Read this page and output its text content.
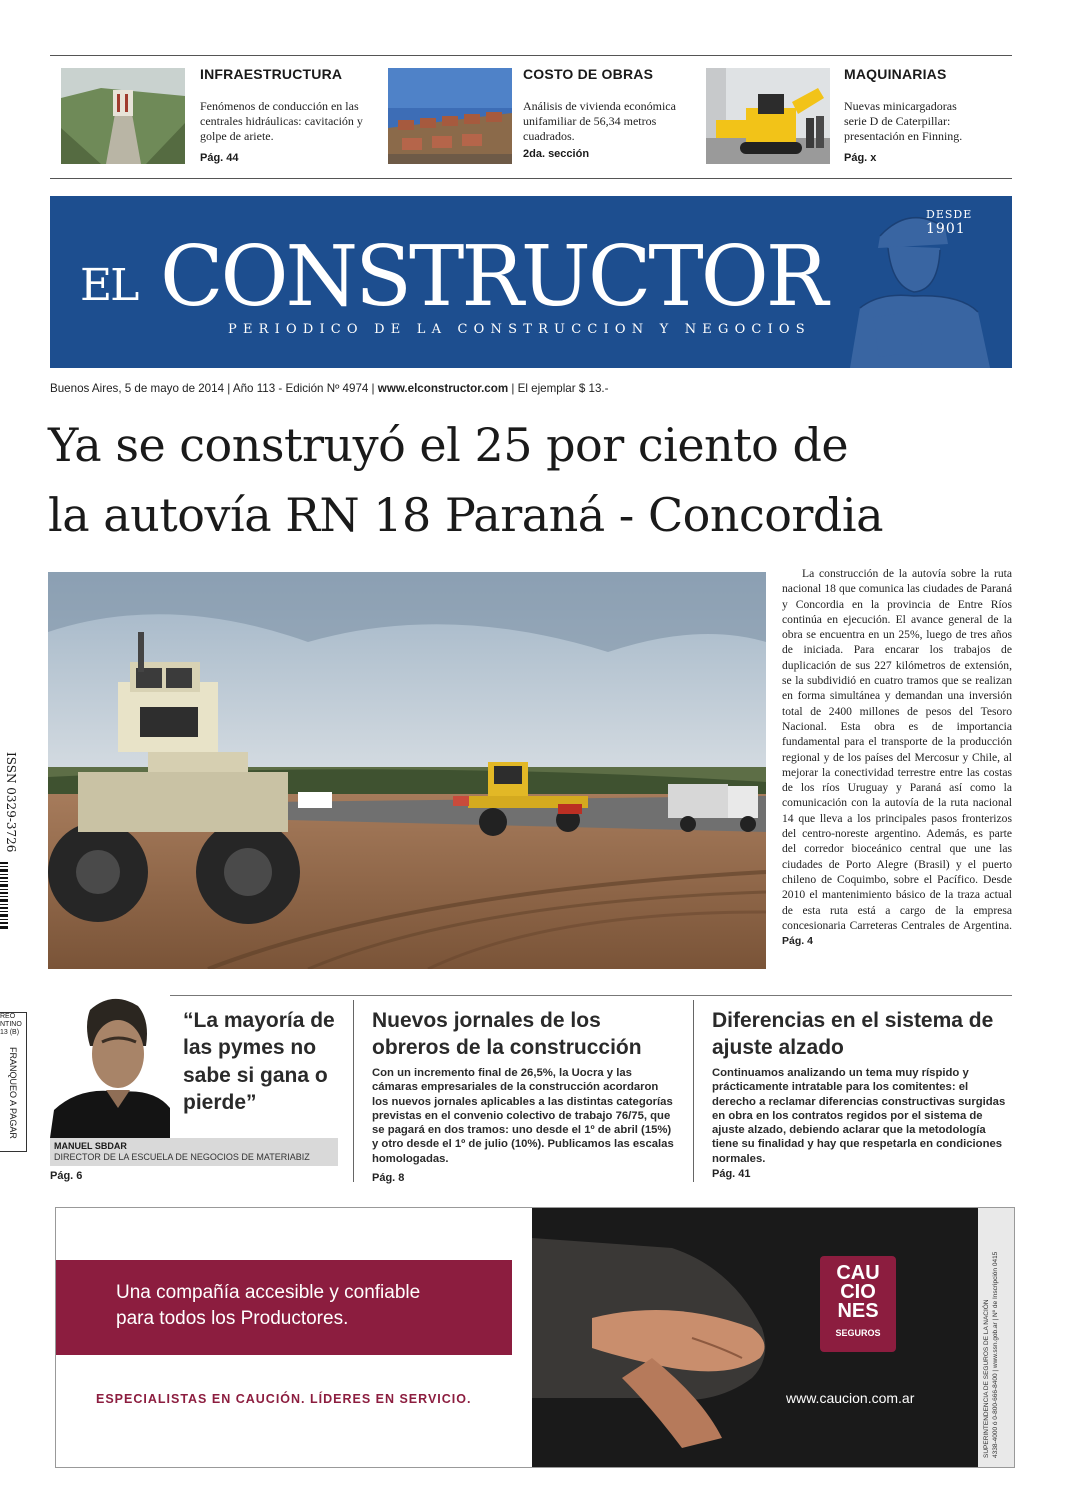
INFRAESTRUCTURA
Fenómenos de conducción en las centrales hidráulicas: cavitación y golpe de ariete.
Pág. 44
COSTO DE OBRAS
Análisis de vivienda económica unifamiliar de 56,34 metros cuadrados.
2da. sección
MAQUINARIAS
Nuevas minicargadoras serie D de Caterpillar: presentación en Finning.
Pág. x
DESDE 1901
EL CONSTRUCTOR
PERIODICO DE LA CONSTRUCCION Y NEGOCIOS
Buenos Aires, 5 de mayo de 2014 | Año 113 - Edición Nº 4974 | www.elconstructor.com | El ejemplar $ 13.-
Ya se construyó el 25 por ciento de
la autovía RN 18 Paraná - Concordia
La construcción de la autovía sobre la ruta nacional 18 que comunica las ciudades de Paraná y Concordia en la provincia de Entre Ríos continúa en ejecución. El avance general de la obra se encuentra en un 25%, luego de tres años de iniciada. Para encarar los trabajos de duplicación de sus 227 kilómetros de extensión, se la subdividió en cuatro tramos que se realizan en forma simultánea y demandan una inversión total de 2400 millones de pesos del Tesoro Nacional. Esta obra es de importancia fundamental para el transporte de la producción regional y de los países del Mercosur y Chile, al mejorar la conectividad terrestre entre las costas de los ríos Uruguay y Paraná así como la comunicación con la autovía de la ruta nacional 14 que lleva a los principales pasos fronterizos del centro-noreste argentino. Además, es parte del corredor bioceánico central que une las ciudades de Porto Alegre (Brasil) y el puerto chileno de Coquimbo, sobre el Pacífico. Desde 2010 el mantenimiento básico de la traza actual de esta ruta está a cargo de la empresa concesionaria Carreteras Centrales de Argentina. Pág. 4
ISSN 0329-3726
REO
NTINO
13 (B)
FRANQUEO A PAGAR
“La mayoría de las pymes no sabe si gana o pierde”
MANUEL SBDAR
DIRECTOR DE LA ESCUELA DE NEGOCIOS DE MATERIABIZ
Pág. 6
Nuevos jornales de los obreros de la construcción
Con un incremento final de 26,5%, la Uocra y las cámaras empresariales de la construcción acordaron los nuevos jornales aplicables a las distintas categorías previstas en el convenio colectivo de trabajo 76/75, que se pagará en dos tramos: uno desde el 1º de abril (15%) y otro desde el 1º de julio (10%). Publicamos las escalas homologadas.
Pág. 8
Diferencias en el sistema de ajuste alzado
Continuamos analizando un tema muy ríspido y prácticamente intratable para los comitentes: el derecho a reclamar diferencias constructivas surgidas en obra en los contratos regidos por el sistema de ajuste alzado, debiendo aclarar que la metodología tiene su finalidad y hay que respetarla en condiciones normales.
Pág. 41
Una compañía accesible y confiable
para todos los Productores.
ESPECIALISTAS EN CAUCIÓN. LÍDERES EN SERVICIO.
CAU
CIO
NES
SEGUROS
www.caucion.com.ar	SUPERINTENDENCIA DE SEGUROS DE LA NACIÓN 4338-4000 ó 0-800-666-8400 | www.ssn.gob.ar | Nº de Inscripción 0415
